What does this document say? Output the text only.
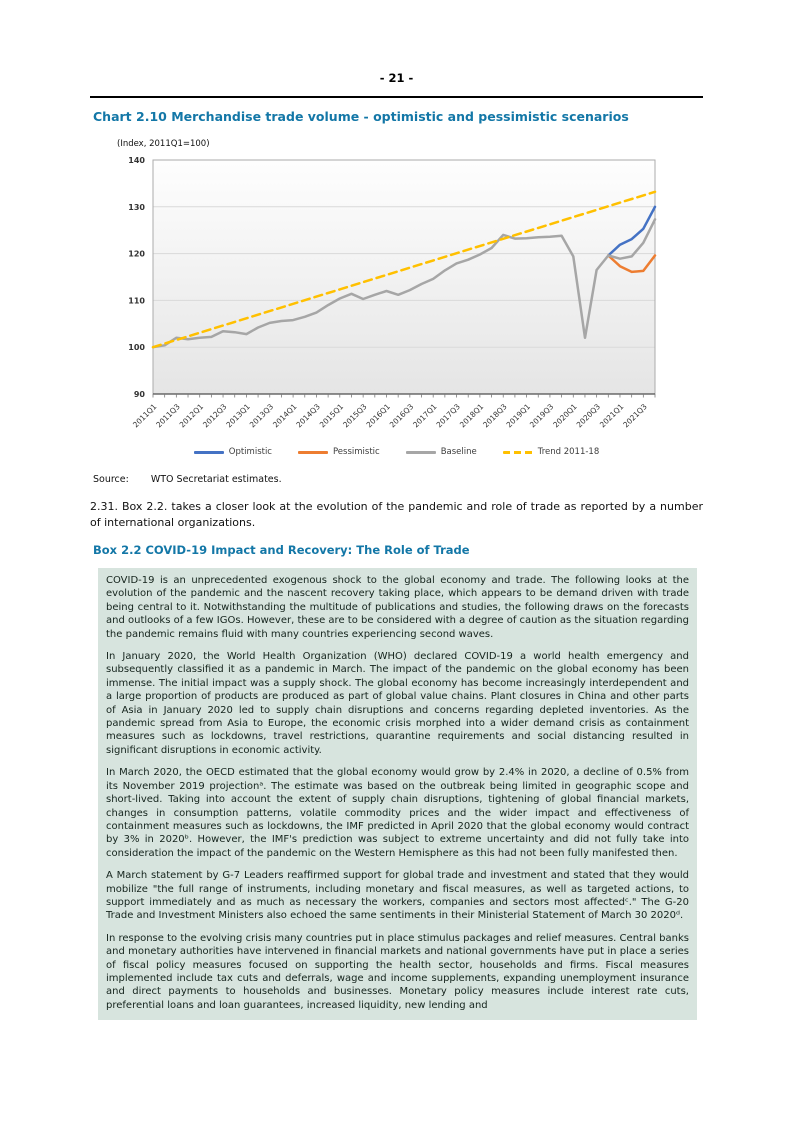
- 21 -
Chart 2.10 Merchandise trade volume - optimistic and pessimistic scenarios
(Index, 2011Q1=100)
90
100
110
120
130
140
2011Q1
2011Q3
2012Q1
2012Q3
2013Q1
2013Q3
2014Q1
2014Q3
2015Q1
2015Q3
2016Q1
2016Q3
2017Q1
2017Q3
2018Q1
2018Q3
2019Q1
2019Q3
2020Q1
2020Q3
2021Q1
2021Q3
Optimistic	Pessimistic	Baseline	Trend 2011-18
Source: WTO Secretariat estimates.
2.31. Box 2.2. takes a closer look at the evolution of the pandemic and role of trade as reported by a number of international organizations.
Box 2.2 COVID-19 Impact and Recovery: The Role of Trade

COVID-19 is an unprecedented exogenous shock to the global economy and trade. The following looks at the evolution of the pandemic and the nascent recovery taking place, which appears to be demand driven with trade being central to it. Notwithstanding the multitude of publications and studies, the following draws on the forecasts and outlooks of a few IGOs. However, these are to be considered with a degree of caution as the situation regarding the pandemic remains fluid with many countries experiencing second waves.

In January 2020, the World Health Organization (WHO) declared COVID-19 a world health emergency and subsequently classified it as a pandemic in March. The impact of the pandemic on the global economy has been immense. The initial impact was a supply shock. The global economy has become increasingly interdependent and a large proportion of products are produced as part of global value chains. Plant closures in China and other parts of Asia in January 2020 led to supply chain disruptions and concerns regarding depleted inventories. As the pandemic spread from Asia to Europe, the economic crisis morphed into a wider demand crisis as containment measures such as lockdowns, travel restrictions, quarantine requirements and social distancing resulted in significant disruptions in economic activity.

In March 2020, the OECD estimated that the global economy would grow by 2.4% in 2020, a decline of 0.5% from its November 2019 projectionᵃ. The estimate was based on the outbreak being limited in geographic scope and short-lived. Taking into account the extent of supply chain disruptions, tightening of global financial markets, changes in consumption patterns, volatile commodity prices and the wider impact and effectiveness of containment measures such as lockdowns, the IMF predicted in April 2020 that the global economy would contract by 3% in 2020ᵇ. However, the IMF's prediction was subject to extreme uncertainty and did not fully take into consideration the impact of the pandemic on the Western Hemisphere as this had not been fully manifested then.

A March statement by G-7 Leaders reaffirmed support for global trade and investment and stated that they would mobilize "the full range of instruments, including monetary and fiscal measures, as well as targeted actions, to support immediately and as much as necessary the workers, companies and sectors most affectedᶜ." The G-20 Trade and Investment Ministers also echoed the same sentiments in their Ministerial Statement of March 30 2020ᵈ.

In response to the evolving crisis many countries put in place stimulus packages and relief measures. Central banks and monetary authorities have intervened in financial markets and national governments have put in place a series of fiscal policy measures focused on supporting the health sector, households and firms. Fiscal measures implemented include tax cuts and deferrals, wage and income supplements, expanding unemployment insurance and direct payments to households and businesses. Monetary policy measures include interest rate cuts, preferential loans and loan guarantees, increased liquidity, new lending and
